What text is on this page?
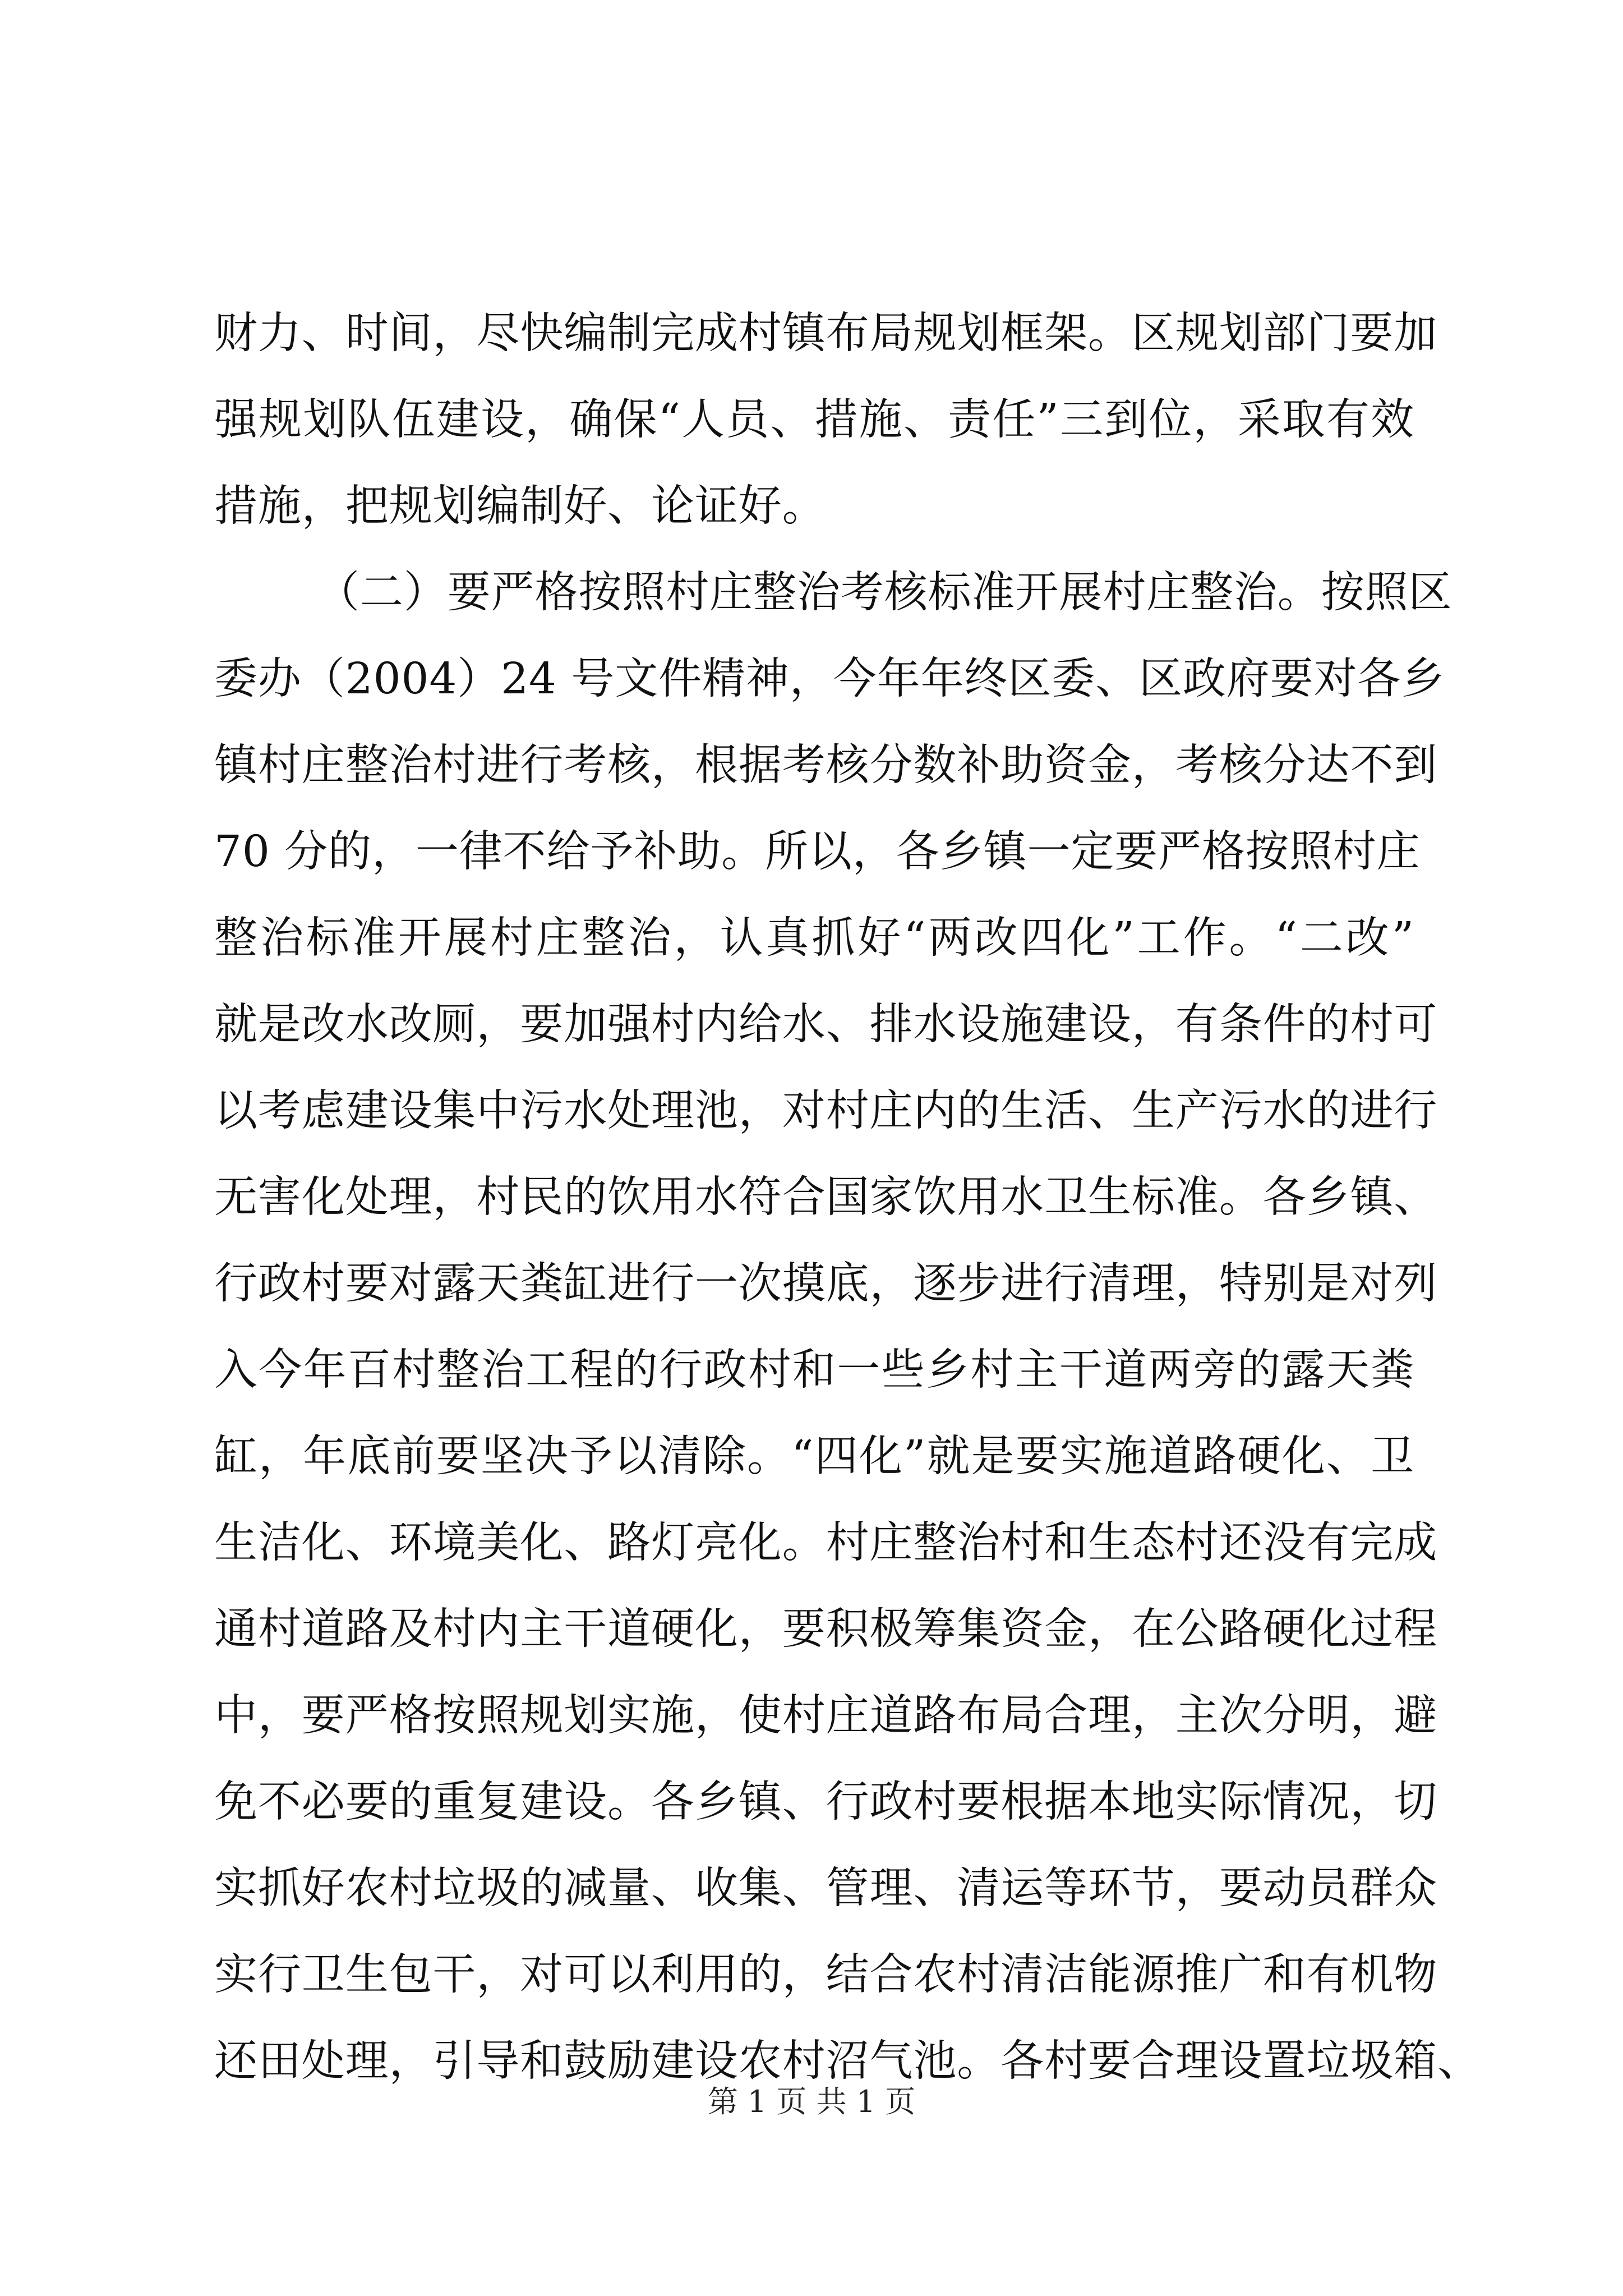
财力、时间，尽快编制完成村镇布局规划框架。区规划部门要加
强规划队伍建设，确保“人员、措施、责任”三到位，采取有效
措施，把规划编制好、论证好。
（二）要严格按照村庄整治考核标准开展村庄整治。按照区
委办（2004）24 号文件精神，今年年终区委、区政府要对各乡
镇村庄整治村进行考核，根据考核分数补助资金，考核分达不到
70 分的，一律不给予补助。所以，各乡镇一定要严格按照村庄
整治标准开展村庄整治，认真抓好“两改四化”工作。“二改”
就是改水改厕，要加强村内给水、排水设施建设，有条件的村可
以考虑建设集中污水处理池，对村庄内的生活、生产污水的进行
无害化处理，村民的饮用水符合国家饮用水卫生标准。各乡镇、
行政村要对露天粪缸进行一次摸底，逐步进行清理，特别是对列
入今年百村整治工程的行政村和一些乡村主干道两旁的露天粪
缸，年底前要坚决予以清除。“四化”就是要实施道路硬化、卫
生洁化、环境美化、路灯亮化。村庄整治村和生态村还没有完成
通村道路及村内主干道硬化，要积极筹集资金，在公路硬化过程
中，要严格按照规划实施，使村庄道路布局合理，主次分明，避
免不必要的重复建设。各乡镇、行政村要根据本地实际情况，切
实抓好农村垃圾的减量、收集、管理、清运等环节，要动员群众
实行卫生包干，对可以利用的，结合农村清洁能源推广和有机物
还田处理，引导和鼓励建设农村沼气池。各村要合理设置垃圾箱、
第 1 页 共 1 页
